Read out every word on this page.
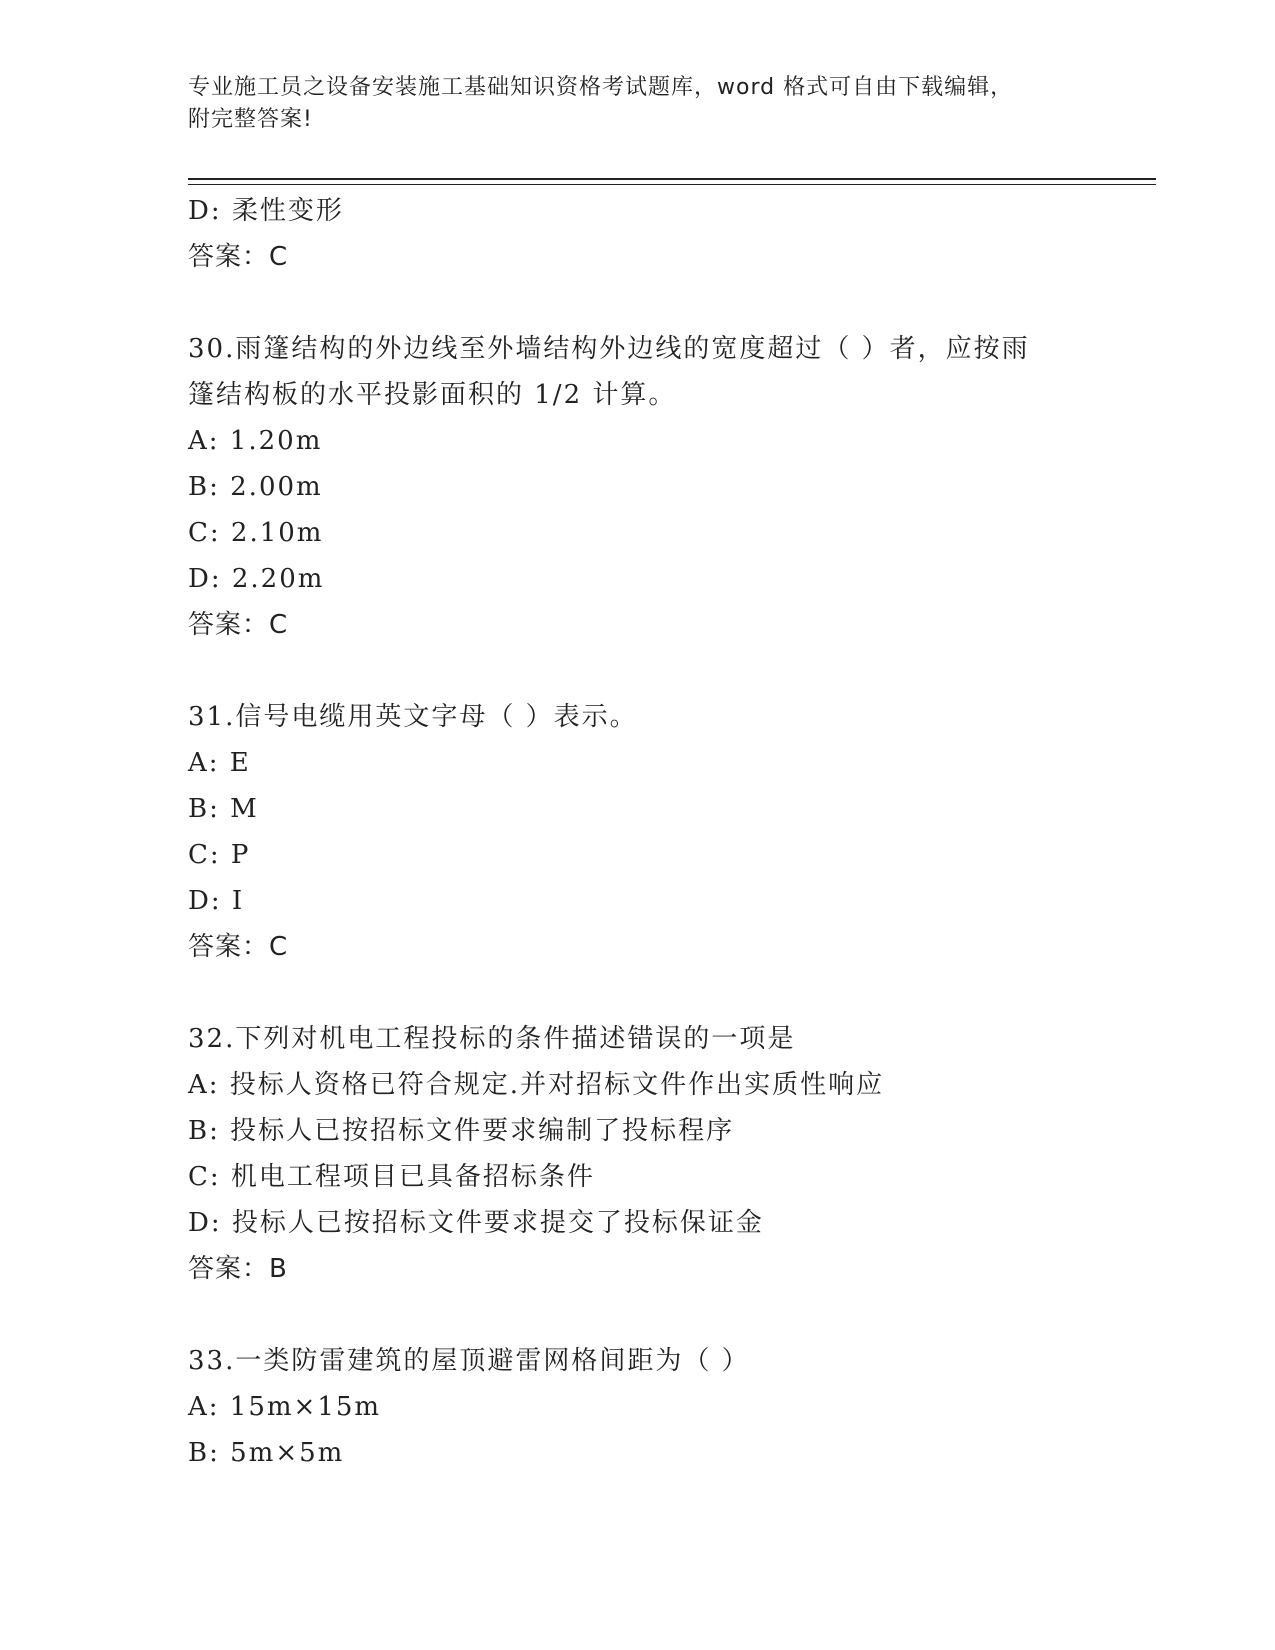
专业施工员之设备安装施工基础知识资格考试题库，word 格式可自由下载编辑，
附完整答案!
D: 柔性变形
答案：C
30.雨篷结构的外边线至外墙结构外边线的宽度超过（ ）者，应按雨
篷结构板的水平投影面积的 1/2 计算。
A: 1.20m
B: 2.00m
C: 2.10m
D: 2.20m
答案：C
31.信号电缆用英文字母（ ）表示。
A: E
B: M
C: P
D: I
答案：C
32.下列对机电工程投标的条件描述错误的一项是
A: 投标人资格已符合规定.并对招标文件作出实质性响应
B: 投标人已按招标文件要求编制了投标程序
C: 机电工程项目已具备招标条件
D: 投标人已按招标文件要求提交了投标保证金
答案：B
33.一类防雷建筑的屋顶避雷网格间距为（ ）
A: 15m×15m
B: 5m×5m
